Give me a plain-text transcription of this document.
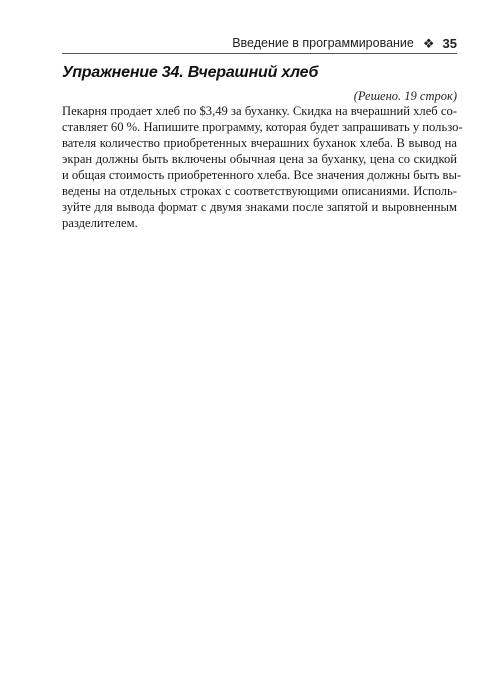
Введение в программирование ❖ 35
Упражнение 34. Вчерашний хлеб
(Решено. 19 строк)

Пекарня продает хлеб по $3,49 за буханку. Скидка на вчерашний хлеб со-
ставляет 60 %. Напишите программу, которая будет запрашивать у пользо-
вателя количество приобретенных вчерашних буханок хлеба. В вывод на
экран должны быть включены обычная цена за буханку, цена со скидкой
и общая стоимость приобретенного хлеба. Все значения должны быть вы-
ведены на отдельных строках с соответствующими описаниями. Исполь-
зуйте для вывода формат с двумя знаками после запятой и выровненным
разделителем.
